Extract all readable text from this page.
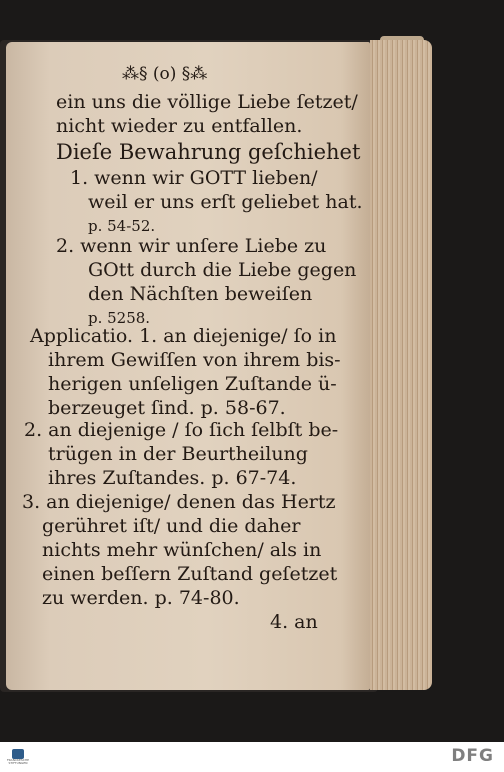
⁂§ (o) §⁂
ein uns die völlige Liebe ſetzet/
nicht wieder zu entfallen.
Dieſe Bewahrung geſchiehet
1. wenn wir GOTT lieben/
weil er uns erſt geliebet hat.
p. 54-52.
2. wenn wir unſere Liebe zu
GOtt durch die Liebe gegen
den Nächſten beweiſen
p. 5258.
Applicatio. 1. an diejenige/ ſo in
ihrem Gewiſſen von ihrem bis-
herigen unſeligen Zuſtande ü-
berzeuget ſind. p. 58-67.
2. an diejenige / ſo ſich ſelbſt be-
trügen in der Beurtheilung
ihres Zuſtandes. p. 67-74.
3. an diejenige/ denen das Hertz
gerühret iſt/ und die daher
nichts mehr wünſchen/ als in
einen beſſern Zuſtand geſetzet
zu werden. p. 74-80.
4. an
FRANCKESCHE STIFTUNGEN	DFG
